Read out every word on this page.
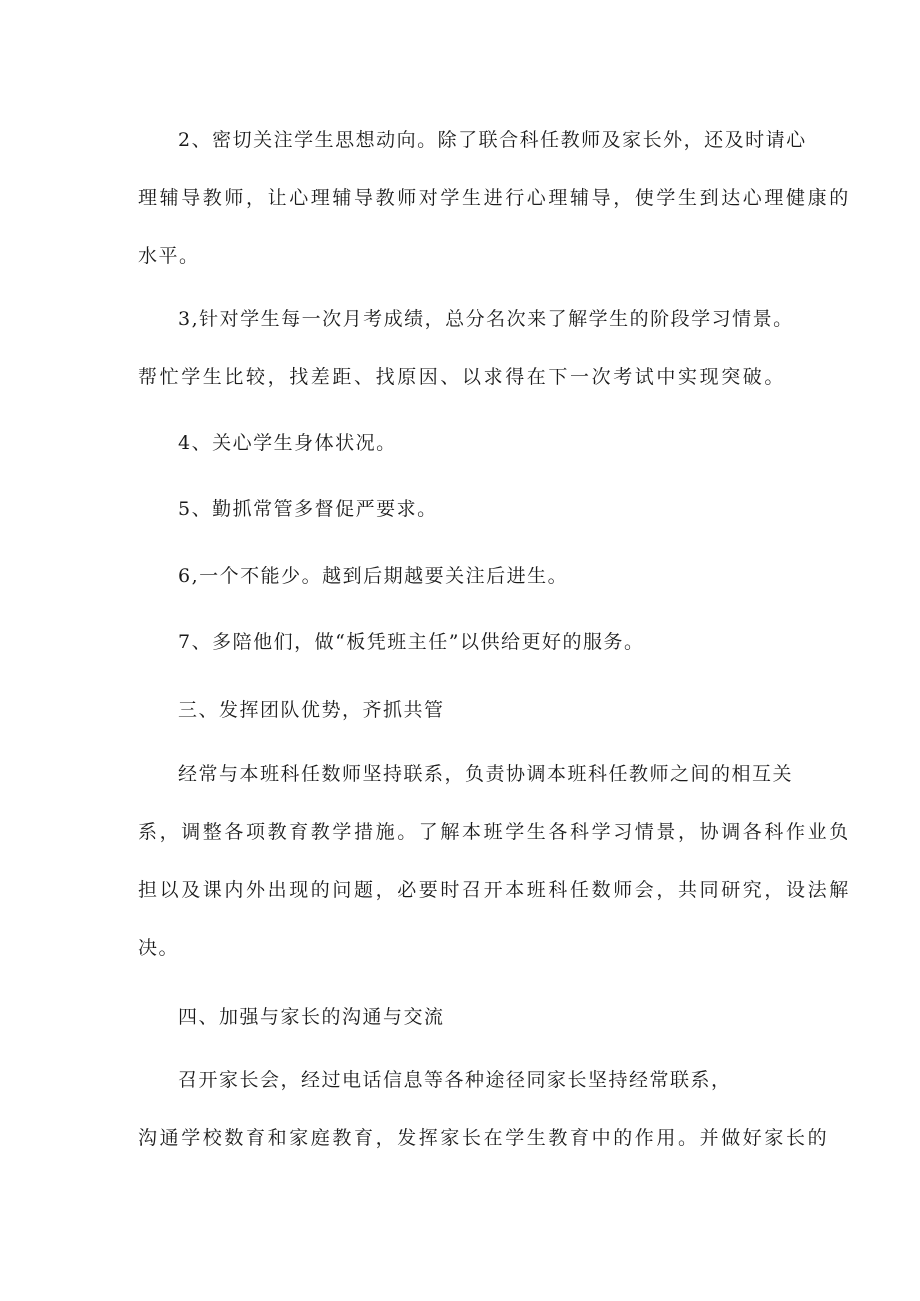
2、密切关注学生思想动向。除了联合科任教师及家长外，还及时请心
理辅导教师，让心理辅导教师对学生进行心理辅导，使学生到达心理健康的
水平。
3,针对学生每一次月考成绩，总分名次来了解学生的阶段学习情景。
帮忙学生比较，找差距、找原因、以求得在下一次考试中实现突破。
4、关心学生身体状况。
5、勤抓常管多督促严要求。
6,一个不能少。越到后期越要关注后进生。
7、多陪他们，做“板凭班主任”以供给更好的服务。
三、发挥团队优势，齐抓共管
经常与本班科任数师坚持联系，负责协调本班科任教师之间的相互关
系，调整各项教育教学措施。了解本班学生各科学习情景，协调各科作业负
担以及课内外出现的问题，必要时召开本班科任数师会，共同研究，设法解
决。
四、加强与家长的沟通与交流
召开家长会，经过电话信息等各种途径同家长坚持经常联系，
沟通学校数育和家庭教育，发挥家长在学生教育中的作用。并做好家长的
